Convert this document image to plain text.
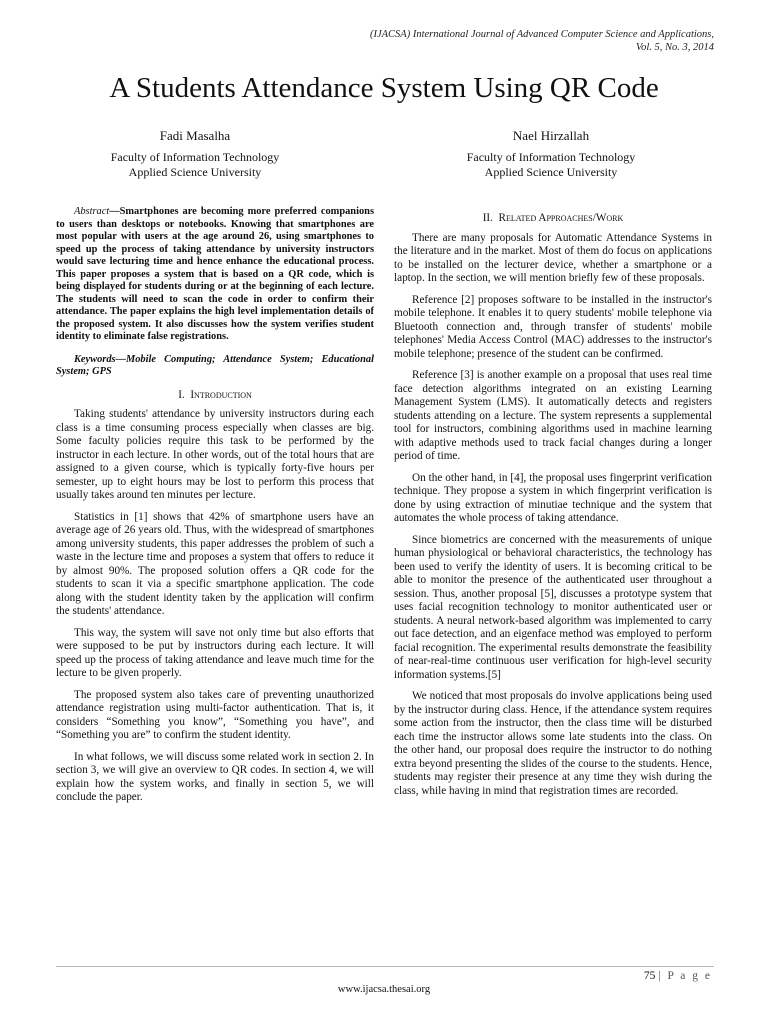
(IJACSA) International Journal of Advanced Computer Science and Applications,
Vol. 5, No. 3, 2014
A Students Attendance System Using QR Code
Fadi Masalha
Faculty of Information Technology
Applied Science University
Nael Hirzallah
Faculty of Information Technology
Applied Science University

Abstract—Smartphones are becoming more preferred companions to users than desktops or notebooks. Knowing that smartphones are most popular with users at the age around 26, using smartphones to speed up the process of taking attendance by university instructors would save lecturing time and hence enhance the educational process. This paper proposes a system that is based on a QR code, which is being displayed for students during or at the beginning of each lecture. The students will need to scan the code in order to confirm their attendance. The paper explains the high level implementation details of the proposed system. It also discusses how the system verifies student identity to eliminate false registrations.

Keywords—Mobile Computing; Attendance System; Educational System; GPS

I. Introduction

Taking students' attendance by university instructors during each class is a time consuming process especially when classes are big. Some faculty policies require this task to be performed by the instructor in each lecture. In other words, out of the total hours that are assigned to a given course, which is typically forty-five hours per semester, up to eight hours may be lost to perform this process that usually takes around ten minutes per lecture.

Statistics in [1] shows that 42% of smartphone users have an average age of 26 years old. Thus, with the widespread of smartphones among university students, this paper addresses the problem of such a waste in the lecture time and proposes a system that offers to reduce it by almost 90%. The proposed solution offers a QR code for the students to scan it via a specific smartphone application. The code along with the student identity taken by the application will confirm the students' attendance.

This way, the system will save not only time but also efforts that were supposed to be put by instructors during each lecture. It will speed up the process of taking attendance and leave much time for the lecture to be given properly.

The proposed system also takes care of preventing unauthorized attendance registration using multi-factor authentication. That is, it considers “Something you know”, “Something you have”, and “Something you are” to confirm the student identity.

In what follows, we will discuss some related work in section 2. In section 3, we will give an overview to QR codes. In section 4, we will explain how the system works, and finally in section 5, we will conclude the paper.

II. Related Approaches/Work

There are many proposals for Automatic Attendance Systems in the literature and in the market. Most of them do focus on applications to be installed on the lecturer device, whether a smartphone or a laptop. In the section, we will mention briefly few of these proposals.

Reference [2] proposes software to be installed in the instructor's mobile telephone. It enables it to query students' mobile telephone via Bluetooth connection and, through transfer of students' mobile telephones' Media Access Control (MAC) addresses to the instructor's mobile telephone; presence of the student can be confirmed.

Reference [3] is another example on a proposal that uses real time face detection algorithms integrated on an existing Learning Management System (LMS). It automatically detects and registers students attending on a lecture. The system represents a supplemental tool for instructors, combining algorithms used in machine learning with adaptive methods used to track facial changes during a longer period of time.

On the other hand, in [4], the proposal uses fingerprint verification technique. They propose a system in which fingerprint verification is done by using extraction of minutiae technique and the system that automates the whole process of taking attendance.

Since biometrics are concerned with the measurements of unique human physiological or behavioral characteristics, the technology has been used to verify the identity of users. It is becoming critical to be able to monitor the presence of the authenticated user throughout a session. Thus, another proposal [5], discusses a prototype system that uses facial recognition technology to monitor authenticated user or students. A neural network-based algorithm was implemented to carry out face detection, and an eigenface method was employed to perform facial recognition. The experimental results demonstrate the feasibility of near-real-time continuous user verification for high-level security information systems.[5]

We noticed that most proposals do involve applications being used by the instructor during class. Hence, if the attendance system requires some action from the instructor, then the class time will be disturbed each time the instructor allows some late students into the class. On the other hand, our proposal does require the instructor to do nothing extra beyond presenting the slides of the course to the students. Hence, students may register their presence at any time they wish during the class, while having in mind that registration times are recorded.

75 | P a g e
www.ijacsa.thesai.org
